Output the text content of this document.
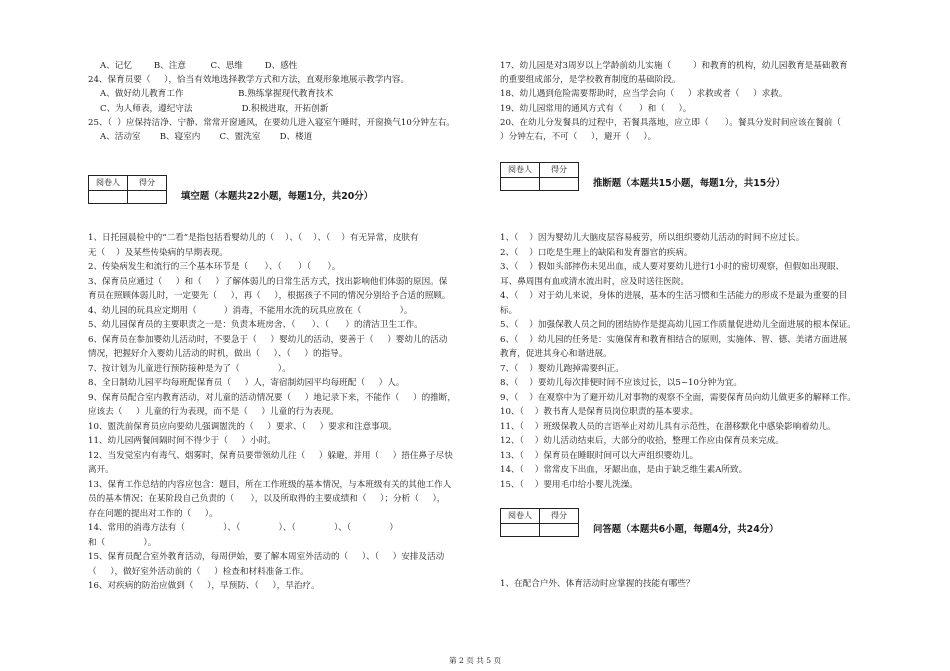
A、记忆        B、注意         C、思维        D、感性
24、保育员要（     ），恰当有效地选择教学方式和方法，直观形象地展示教学内容。
A、做好幼儿教育工作                    B.熟练掌握现代教育技术
C、为人师表，遵纪守法                  D.积极进取，开拓创新
25、（  ）应保持洁净、宁静、常常开窗通风，在要幼儿进入寝室午睡时，开窗换气10分钟左右。
A、活动室       B、寝室内       C、盥洗室       D、楼道
阅卷人	得分

填空题（本题共22小题，每题1分，共20分）
1、日托园晨检中的“二看”是指包括看婴幼儿的（    ）、（    ）、（    ）有无异常，皮肤有
无（    ）及某些传染病的早期表现。
2、传染病发生和流行的三个基本环节是（      ）、（      ）（      ）。
3、保育员应通过（     ）和（     ）了解体弱儿的日常生活方式，找出影响他们体弱的原因。保
育员在照顾体弱儿时，一定要先（     ），再（     ），根据孩子不同的情况分别给予合适的照顾。
4、幼儿园的玩具应定期用（          ）消毒，不能用水洗的玩具应放在（              ）。
5、幼儿园保育员的主要职责之一是：负责本班房舍、（      ）、（      ）的清洁卫生工作。
6、保育员在参加婴幼儿活动时，不要急于（     ）婴幼儿的活动，要善于（     ）婴幼儿的活动
情况，把握好介入婴幼儿活动的时机，做出（     ）、（     ）的指导。
7、按计划为儿童进行预防接种是为了（              ）。
8、全日制幼儿园平均每班配保育员（     ）人，寄宿制幼园平均每班配（     ）人。
9、保育员配合室内教育活动，对儿童的活动情况要（     ）地记录下来，不能作（     ）的推断，
应该去（     ）儿童的行为表现，而不是（     ）儿童的行为表现。
10、盥洗前保育员应向要幼儿强调盥洗的（     ）要求、（     ）要求和注意事项。
11、幼儿园两餐间隔时间不得少于（     ）小时。
12、当发觉室内有毒气、烟雾时，保育员要带领幼儿往（     ）躲避，并用（     ）捂住鼻子尽快
离开。
13、保育工作总结的内容应包含：题目，所在工作班级的基本情况，与本班级有关的其他工作人
员的基本情况；在某阶段自己负责的（      ），以及所取得的主要成绩和（     ）；分析（     ），
存在问题的提出对工作的（     ）。
14、常用的消毒方法有（              ）、（              ）、（              ）、（              ）
和（              ）。
15、保育员配合室外教育活动，每周伊始，要了解本周室外活动的（     ）、（     ）安排及活动
（     ），做好室外活动前的（     ）检查和材料准备工作。
16、对疾病的防治应做到（     ），早预防、（     ），早治疗。
17、幼儿园是对3周岁以上学龄前幼儿实施（        ）和教育的机构，幼儿园教育是基础教育
的重要组成部分，是学校教育制度的基础阶段。
18、幼儿遇到危险需要帮助时，应当学会向（     ）求救或者（     ）求救。
19、幼儿园常用的通风方式有（      ）和（     ）。
20、在幼儿分发餐具的过程中，若餐具落地，应立即（      ）。餐具分发时间应该在餐前（
）分钟左右，不可（     ），避开（     ）。
阅卷人	得分

推断题（本题共15小题，每题1分，共15分）
1、（    ）因为婴幼儿大脑皮层容易疲劳，所以组织婴幼儿活动的时间不应过长。
2、（    ）口吃是生理上的缺陷和发育器官的疾病。
3、（    ）假如头部摔伤未见出血，成人要对要幼儿进行1小时的密切观察，但假如出现眼、
耳、鼻周围有血或清水流出时，应及时送往医院。
4、（    ）对于幼儿来说，身体的进展，基本的生活习惯和生活能力的形成不是最为重要的目
标。
5、（    ）加强保教人员之间的团结协作是提高幼儿园工作质量促进幼儿全面进展的根本保证。
6、（    ）幼儿园的任务是：实施保育和教育相结合的原则，实施体、智、德、美诸方面进展
教育，促进其身心和谐进展。
7、（    ）婴幼儿跑掉需要纠正。
8、（    ）要幼儿每次排便时间不应该过长，以5~10分钟为宜。
9、（    ）在观察中为了避开幼儿对事物的观察不全面，需要保育员向幼儿做更多的解释工作。
10、（    ）教书育人是保育员岗位职责的基本要求。
11、（    ）班级保教人员的言语举止对幼儿具有示范性，在潜移默化中感染影响着幼儿。
12、（    ）幼儿活动结束后，大部分的收拾，整理工作应由保育员来完成。
13、（    ）保育员在睡眠时间可以大声组织婴幼儿。
14、（    ）常常皮下出血，牙龈出血，是由于缺乏维生素A所致。
15、（    ）要用毛巾给小婴儿洗澡。
阅卷人	得分

问答题（本题共6小题，每题4分，共24分）
1、在配合户外、体育活动时应掌握的技能有哪些？
第 2 页 共 5 页
